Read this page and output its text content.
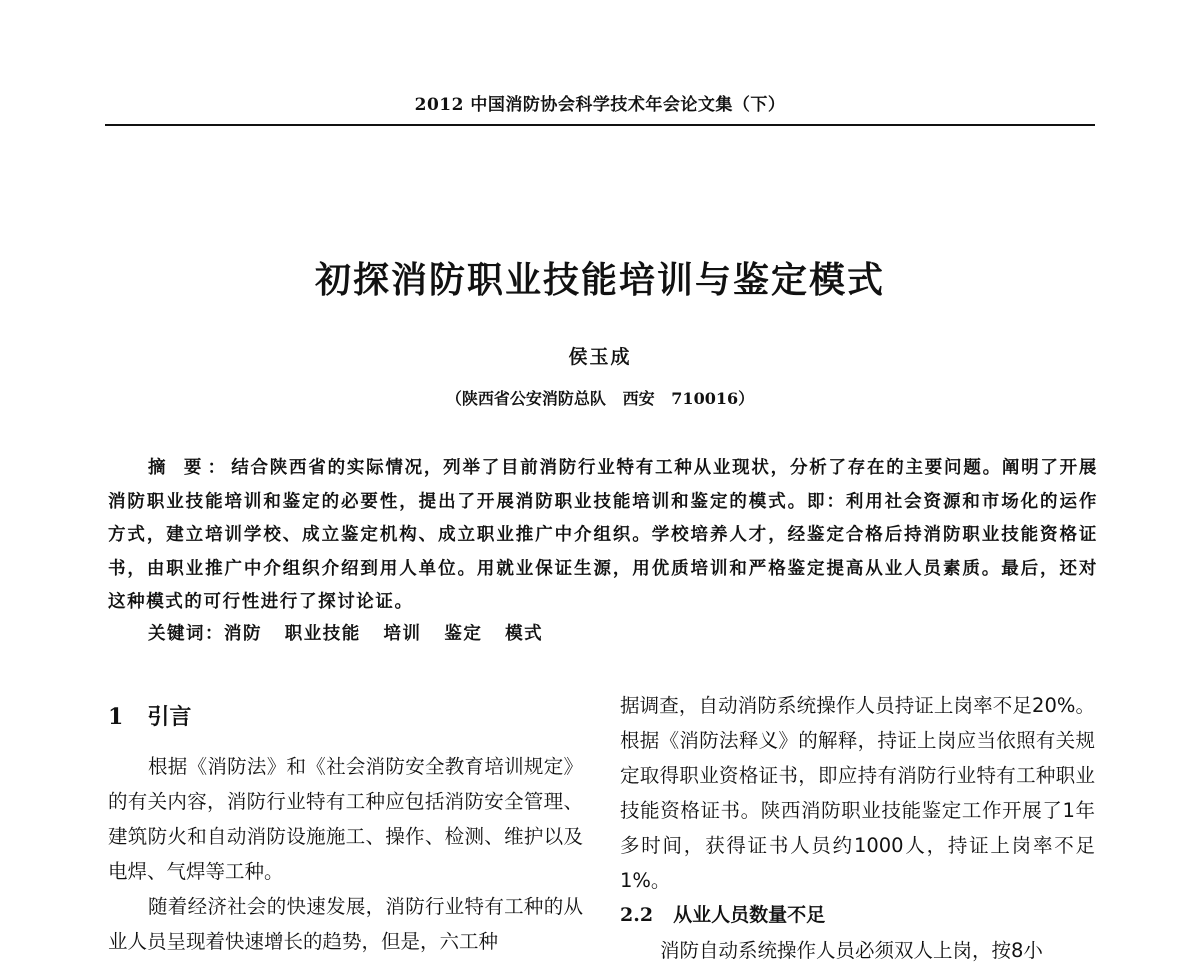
2012 中国消防协会科学技术年会论文集（下）
初探消防职业技能培训与鉴定模式
侯玉成
（陕西省公安消防总队   西安   710016）
摘 要：结合陕西省的实际情况，列举了目前消防行业特有工种从业现状，分析了存在的主要问题。阐明了开展消防职业技能培训和鉴定的必要性，提出了开展消防职业技能培训和鉴定的模式。即：利用社会资源和市场化的运作方式，建立培训学校、成立鉴定机构、成立职业推广中介组织。学校培养人才，经鉴定合格后持消防职业技能资格证书，由职业推广中介组织介绍到用人单位。用就业保证生源，用优质培训和严格鉴定提高从业人员素质。最后，还对这种模式的可行性进行了探讨论证。
关键词：消防   职业技能   培训   鉴定   模式
1 引言

根据《消防法》和《社会消防安全教育培训规定》的有关内容，消防行业特有工种应包括消防安全管理、建筑防火和自动消防设施施工、操作、检测、维护以及电焊、气焊等工种。

随着经济社会的快速发展，消防行业特有工种的从业人员呈现着快速增长的趋势，但是，六工种

据调查，自动消防系统操作人员持证上岗率不足20%。根据《消防法释义》的解释，持证上岗应当依照有关规定取得职业资格证书，即应持有消防行业特有工种职业技能资格证书。陕西消防职业技能鉴定工作开展了1年多时间，获得证书人员约1000人，持证上岗率不足1%。

2.2 从业人员数量不足

消防自动系统操作人员必须双人上岗，按8小
